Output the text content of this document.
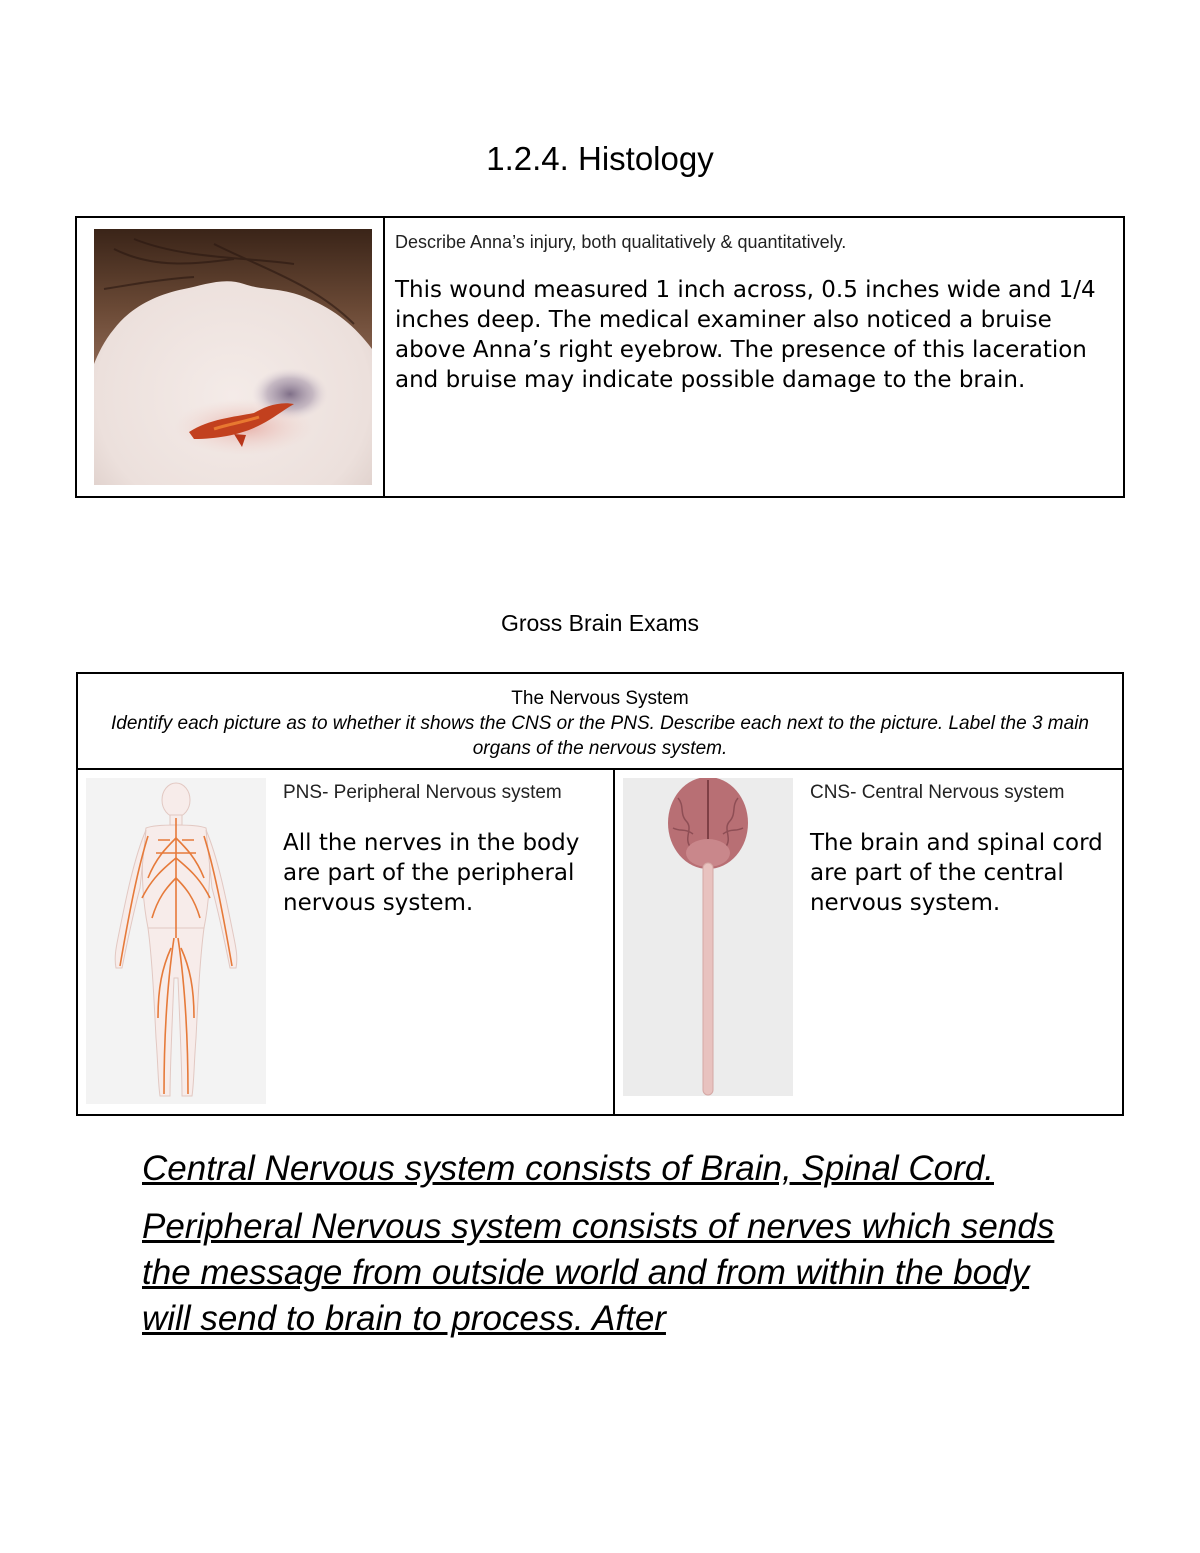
1.2.4. Histology

Describe Anna’s injury, both qualitatively & quantitatively.

This wound measured 1 inch across, 0.5 inches wide and 1/4 inches deep. The medical examiner also noticed a bruise above Anna’s right eyebrow. The presence of this laceration and bruise may indicate possible damage to the brain.

Gross Brain Exams
The Nervous System
Identify each picture as to whether it shows the CNS or the PNS. Describe each next to the picture. Label the 3 main organs of the nervous system.

PNS- Peripheral Nervous system

All the nerves in the body are part of the peripheral nervous system.

CNS- Central Nervous system

The brain and spinal cord are part of the central nervous system.

Central Nervous system consists of Brain, Spinal Cord.

Peripheral Nervous system consists of nerves which sends the message from outside world and from within the body will send to brain to process. After
